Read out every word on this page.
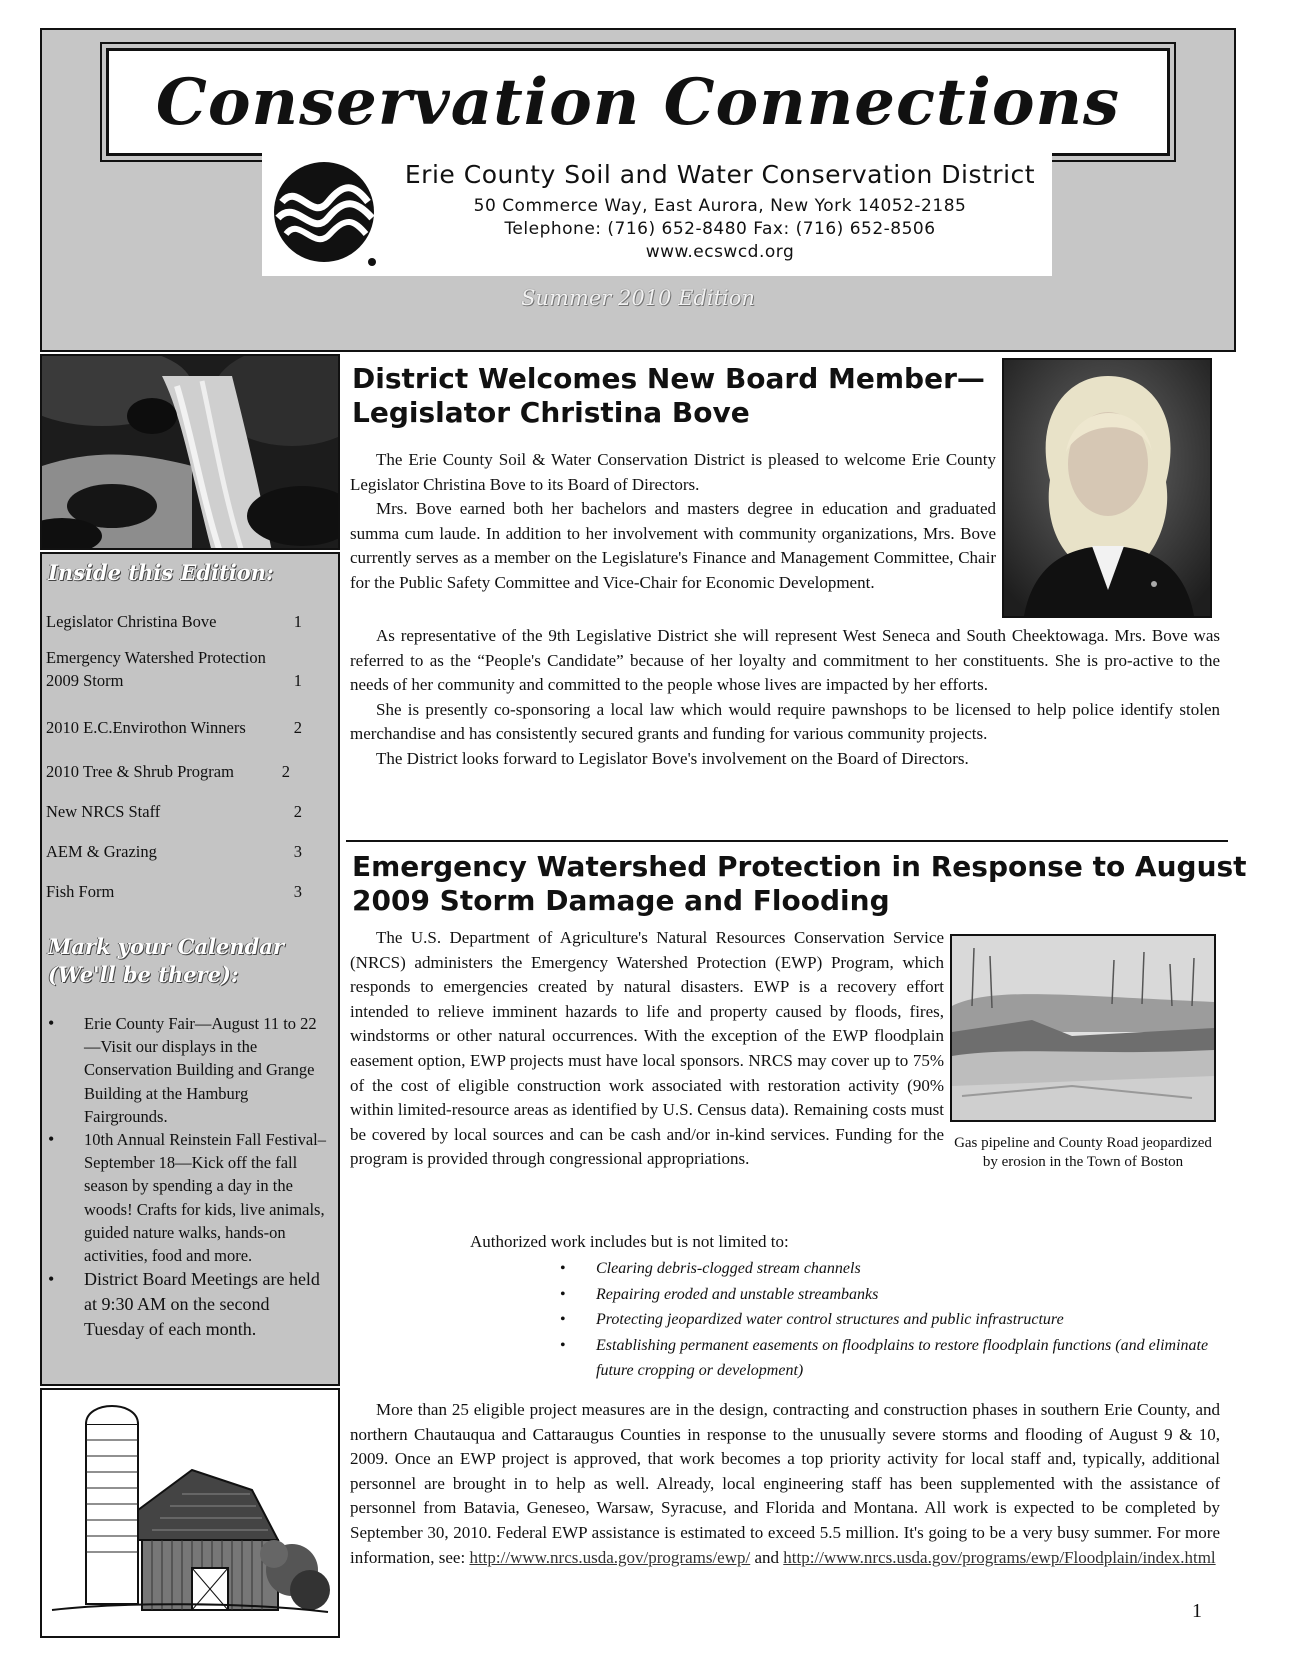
Conservation Connections
Erie County Soil and Water Conservation District
50 Commerce Way, East Aurora, New York 14052-2185
Telephone: (716) 652-8480 Fax: (716) 652-8506
www.ecswcd.org
Summer 2010 Edition
Inside this Edition:
Legislator Christina Bove	1
Emergency Watershed Protection
2009 Storm	1
2010 E.C.Envirothon Winners	2
2010 Tree & Shrub Program	2
New NRCS Staff	2
AEM & Grazing	3
Fish Form	3
Mark your Calendar
(We'll be there):
• Erie County Fair—August 11 to 22—Visit our displays in the Conservation Building and Grange Building at the Hamburg Fairgrounds.
• 10th Annual Reinstein Fall Festival– September 18—Kick off the fall season by spending a day in the woods! Crafts for kids, live animals, guided nature walks, hands-on activities, food and more.
• District Board Meetings are held at 9:30 AM on the second Tuesday of each month.
District Welcomes New Board Member—
Legislator Christina Bove

The Erie County Soil & Water Conservation District is pleased to welcome Erie County Legislator Christina Bove to its Board of Directors.

Mrs. Bove earned both her bachelors and masters degree in education and graduated summa cum laude. In addition to her involvement with community organizations, Mrs. Bove currently serves as a member on the Legislature's Finance and Management Committee, Chair for the Public Safety Committee and Vice-Chair for Economic Development.

As representative of the 9th Legislative District she will represent West Seneca and South Cheektowaga. Mrs. Bove was referred to as the “People's Candidate” because of her loyalty and commitment to her constituents. She is pro-active to the needs of her community and committed to the people whose lives are impacted by her efforts.

She is presently co-sponsoring a local law which would require pawnshops to be licensed to help police identify stolen merchandise and has consistently secured grants and funding for various community projects.

The District looks forward to Legislator Bove's involvement on the Board of Directors.

Emergency Watershed Protection in Response to August
2009 Storm Damage and Flooding

The U.S. Department of Agriculture's Natural Resources Conservation Service (NRCS) administers the Emergency Watershed Protection (EWP) Program, which responds to emergencies created by natural disasters. EWP is a recovery effort intended to relieve imminent hazards to life and property caused by floods, fires, windstorms or other natural occurrences. With the exception of the EWP floodplain easement option, EWP projects must have local sponsors. NRCS may cover up to 75% of the cost of eligible construction work associated with restoration activity (90% within limited-resource areas as identified by U.S. Census data). Remaining costs must be covered by local sources and can be cash and/or in-kind services. Funding for the program is provided through congressional appropriations.

Gas pipeline and County Road jeopardized by erosion in the Town of Boston
Authorized work includes but is not limited to:
• Clearing debris-clogged stream channels
• Repairing eroded and unstable streambanks
• Protecting jeopardized water control structures and public infrastructure
• Establishing permanent easements on floodplains to restore floodplain functions (and eliminate future cropping or development)

More than 25 eligible project measures are in the design, contracting and construction phases in southern Erie County, and northern Chautauqua and Cattaraugus Counties in response to the unusually severe storms and flooding of August 9 & 10, 2009. Once an EWP project is approved, that work becomes a top priority activity for local staff and, typically, additional personnel are brought in to help as well. Already, local engineering staff has been supplemented with the assistance of personnel from Batavia, Geneseo, Warsaw, Syracuse, and Florida and Montana. All work is expected to be completed by September 30, 2010. Federal EWP assistance is estimated to exceed 5.5 million. It's going to be a very busy summer. For more information, see: http://www.nrcs.usda.gov/programs/ewp/ and http://www.nrcs.usda.gov/programs/ewp/Floodplain/index.html

1
